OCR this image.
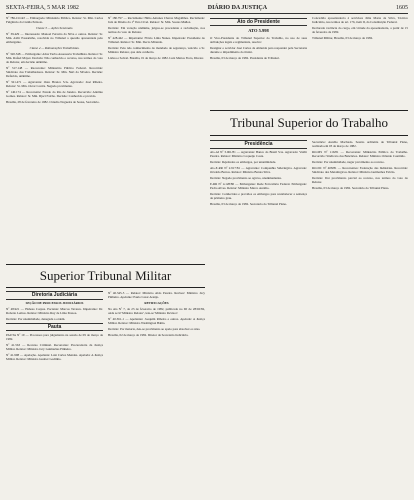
SEXTA-FEIRA, 5 MAR 1982	DIÁRIO DA JUSTIÇA	1605

Nº 786-CO-RJ — Embargado: Ministério Público. Relator: Sr. Min. Carlos Fulgêncio da Cunha Peixoto.

Classe 3 — Ações Sexennais.

Nº 39.429 — Interessado: Manoel Ferreira da Silva e outros. Relator: Sr. Min. Aldir Passarinho, resolvida no Tribunal a questão apresentada pelo embargante.

Classe 4 — Rotinarações Trabalhistas.

Nº 320.348 — Embargante: Atlas Turbo Assessoria Trabalhista. Relator: Sr. Min. Rafael Mayer. Decisão: Não conhecido o recurso, nos termos do voto do Relator, em decisão unânime.

Nº 317.148 — Recorrente: Ministério Público Federal. Recorrido: Sindicato dos Trabalhadores. Relator: Sr. Min. Néri da Silveira. Decisão: Deferido, unânime.

Nº 321.471 — Agravante: Ouro Branco S/A. Agravado: José Ribeiro. Relator: Sr. Min. Oscar Corrêa. Negado provimento.

Nº 140.174 — Recorrente: Estado do Rio de Janeiro. Recorrido: Antônio Gomes. Relator: Sr. Min. Djaci Falcão. Decisão: Conhecido e provido.

Brasília, 28 de fevereiro de 1982. Cláudio Nogueira de Sousa, Secretário.

Nº 180.797 — Reclamante: Hélio Antunes Chaves Magalhães. Reclamado: Juiz de Direito da 1ª Vara Cível. Relator: Sr. Min. Soares Muñoz.

Decisão: Em votação unânime, julgou-se procedente a reclamação, nos termos do voto do Relator.

Nº 428.442 — Impetrante: Flávio Lima Nunes. Impetrado: Presidente do Tribunal. Relator: Sr. Min. Decio Miranda.

Decisão: Pelo não conhecimento do mandado de segurança, vencido o Sr. Ministro Relator, que dele conhecia.

Lisboa e Sobral. Brasília, 01 de março de 1982. Luiz Mattos Frota, Diretor.

Ato do Presidente

ATO 5.998

O Vice-Presidente do Tribunal Superior do Trabalho, no uso de suas atribuições legais e regimentais, resolve:

Designar o servidor José Carlos de Almeida para responder pela Secretaria durante o impedimento do titular.

Brasília, 03 de março de 1982. Presidente do Tribunal.

Concedida aposentadoria à servidora Júlia Maria da Silva, Técnico Judiciário, nos termos do art. 176, item II, da Constituição Federal.

Declarada vacância do cargo, em virtude da aposentadoria, a partir de 15 de fevereiro de 1982.

Tribunal Militar, Brasília, 03 de março de 1982.

Tribunal Superior do Trabalho
Presidência

AG-AI Nº 3.061/81 — Agravante: Banco do Brasil S/A. Agravado: Valdir Pereira. Relator: Ministro Coqueijo Costa.

Decisão: Rejeitados os embargos, por unanimidade.

AG-E-RR Nº 2.917/81 — Agravante: Companhia Siderúrgica. Agravado: Osvaldo Barros. Relator: Ministro Barata Silva.

Decisão: Negado provimento ao agravo, unanimemente.

E-RR Nº 4.128/80 — Embargante: Rede Ferroviária Federal. Embargado: Pedro Alves. Relator: Ministro Marco Aurélio.

Decisão: Conhecidos e providos os embargos para restabelecer a sentença de primeiro grau.

Brasília, 03 de março de 1982. Secretaria do Tribunal Pleno.

Secretário: Aurélio Machado. Sessão ordinária do Tribunal Pleno, realizada em 03 de março de 1982.

RO-MS Nº 116/81 — Recorrente: Ministério Público do Trabalho. Recorrido: Sindicato dos Bancários. Relator: Ministro Orlando Coutinho.

Decisão: Por unanimidade, negar provimento ao recurso.

RO-DC Nº 408/81 — Recorrentes: Federação das Indústrias. Recorrido: Sindicato dos Metalúrgicos. Relator: Ministro Guimarães Falcão.

Decisão: Dar provimento parcial ao recurso, nos termos do voto do Relator.

Brasília, 03 de março de 1982. Secretário do Tribunal Pleno.

Superior Tribunal Militar
Diretoria Judiciária

SEÇÃO DE PROCESSOS JUDICIÁRIOS

Nº 48.921 — Habeas Corpus. Paciente: Marcos Tavares. Impetrante: Dr. Roberto Lemos. Relator: Ministro Ruy de Lima Pessoa.

Decisão: Por unanimidade, denegada a ordem.

Pauta

PAUTA Nº 19 — Processos para julgamento na sessão de 09 de março de 1982.

Nº 41.563 — Recurso Criminal. Recorrente: Procuradoria da Justiça Militar. Relator: Ministro Jacy Guimarães Pinheiro.

Nº 41.998 — Apelação. Apelante: Luiz Carlos Mendes. Apelada: A Justiça Militar. Relator: Ministro Gualter Godinho.

Nº 40.345-5 — Relator: Ministro Aldo Pereira. Revisor: Ministro Jacy Pinheiro. Apelante: Paulo Cesar Araújo.

RETIFICAÇÕES

Na Ata Nº 7, de 23 de fevereiro de 1982, publicada no DJ de 28/02/82, onde se lê 'Ministro Relator', leia-se 'Ministro Revisor'.

Nº 40.361-1 — Apelantes: Joaquim Ribeiro e outros. Apelada: A Justiça Militar. Relator: Ministro Washington Bahia.

Decisão: Por maioria, deu-se provimento ao apelo para absolver os réus.

Brasília, 02 de março de 1982. Diretor da Secretaria Judiciária.
